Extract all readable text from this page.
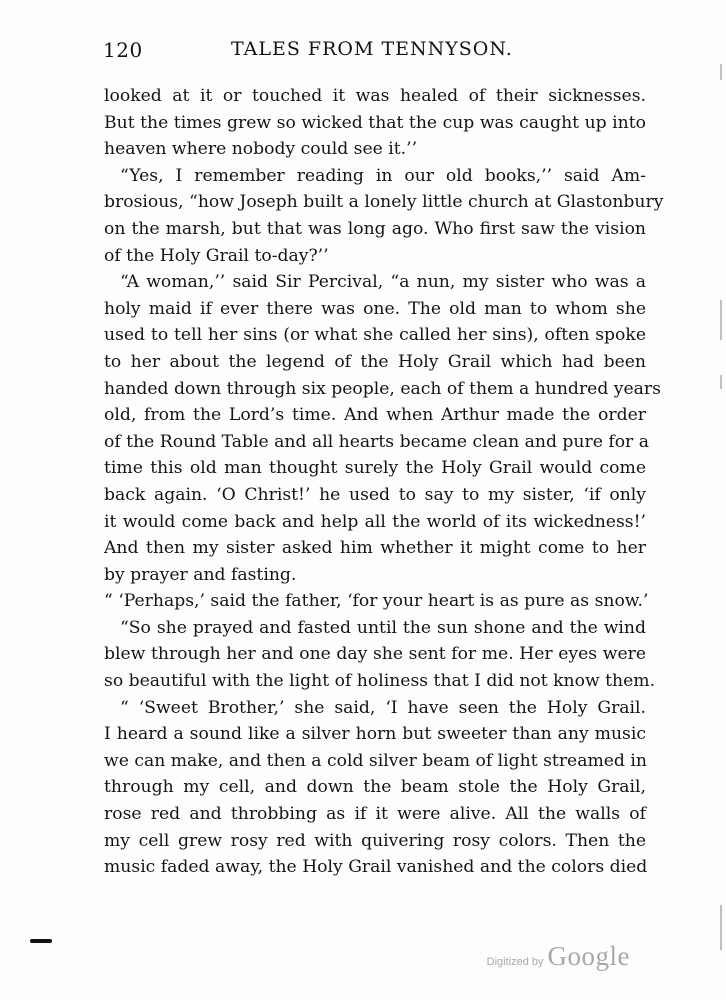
120	TALES FROM TENNYSON.
looked at it or touched it was healed of their sicknesses.
But the times grew so wicked that the cup was caught up into
heaven where nobody could see it.’’
“Yes, I remember reading in our old books,’’ said Am-
brosious, “how Joseph built a lonely little church at Glastonbury
on the marsh, but that was long ago. Who first saw the vision
of the Holy Grail to-day?’’
“A woman,’’ said Sir Percival, “a nun, my sister who was a
holy maid if ever there was one. The old man to whom she
used to tell her sins (or what she called her sins), often spoke
to her about the legend of the Holy Grail which had been
handed down through six people, each of them a hundred years
old, from the Lord’s time. And when Arthur made the order
of the Round Table and all hearts became clean and pure for a
time this old man thought surely the Holy Grail would come
back again. ‘O Christ!’ he used to say to my sister, ‘if only
it would come back and help all the world of its wickedness!’
And then my sister asked him whether it might come to her
by prayer and fasting.
“ ‘Perhaps,’ said the father, ‘for your heart is as pure as snow.’
“So she prayed and fasted until the sun shone and the wind
blew through her and one day she sent for me. Her eyes were
so beautiful with the light of holiness that I did not know them.
“ ‘Sweet Brother,’ she said, ‘I have seen the Holy Grail.
I heard a sound like a silver horn but sweeter than any music
we can make, and then a cold silver beam of light streamed in
through my cell, and down the beam stole the Holy Grail,
rose red and throbbing as if it were alive. All the walls of
my cell grew rosy red with quivering rosy colors. Then the
music faded away, the Holy Grail vanished and the colors died
Digitized by Google
